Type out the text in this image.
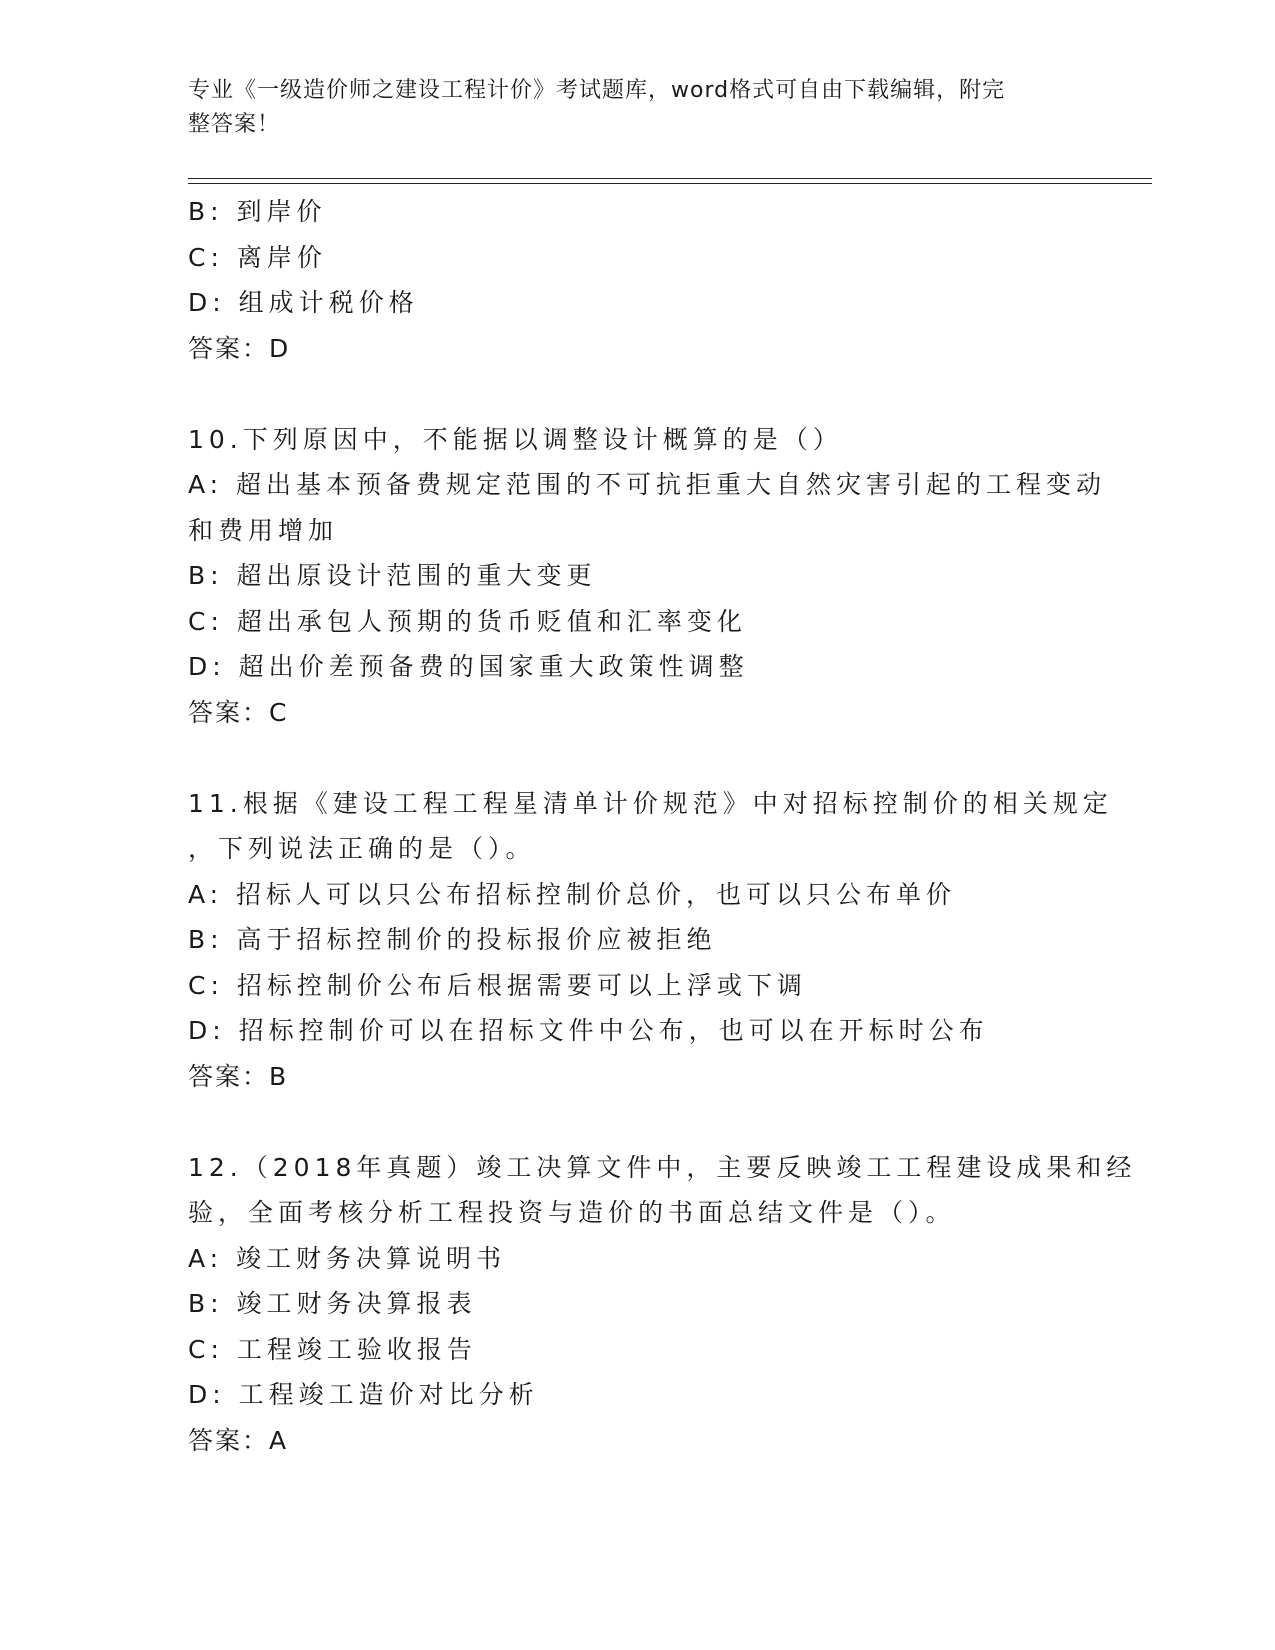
专业《一级造价师之建设工程计价》考试题库，word格式可自由下载编辑，附完
整答案！
B: 到岸价
C: 离岸价
D: 组成计税价格
答案：D
10.下列原因中，不能据以调整设计概算的是（）
A: 超出基本预备费规定范围的不可抗拒重大自然灾害引起的工程变动
和费用增加
B: 超出原设计范围的重大变更
C: 超出承包人预期的货币贬值和汇率变化
D: 超出价差预备费的国家重大政策性调整
答案：C
11.根据《建设工程工程星清单计价规范》中对招标控制价的相关规定
，下列说法正确的是（）。
A: 招标人可以只公布招标控制价总价，也可以只公布单价
B: 高于招标控制价的投标报价应被拒绝
C: 招标控制价公布后根据需要可以上浮或下调
D: 招标控制价可以在招标文件中公布，也可以在开标时公布
答案：B
12.（2018年真题）竣工决算文件中，主要反映竣工工程建设成果和经
验，全面考核分析工程投资与造价的书面总结文件是（）。
A: 竣工财务决算说明书
B: 竣工财务决算报表
C: 工程竣工验收报告
D: 工程竣工造价对比分析
答案：A
